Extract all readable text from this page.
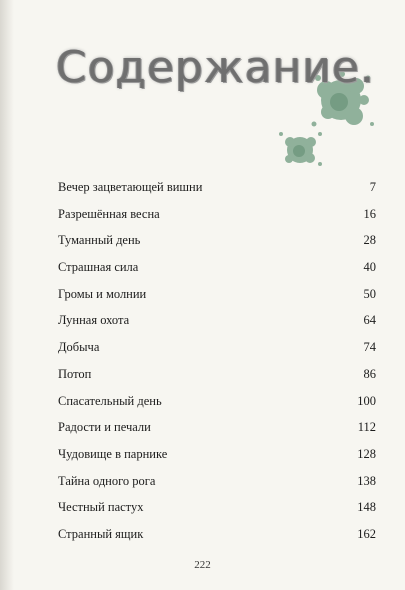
Содержание.
Вечер зацветающей вишни	7
Разрешённая весна	16
Туманный день	28
Страшная сила	40
Громы и молнии	50
Лунная охота	64
Добыча	74
Потоп	86
Спасательный день	100
Радости и печали	112
Чудовище в парнике	128
Тайна одного рога	138
Честный пастух	148
Странный ящик	162
222
